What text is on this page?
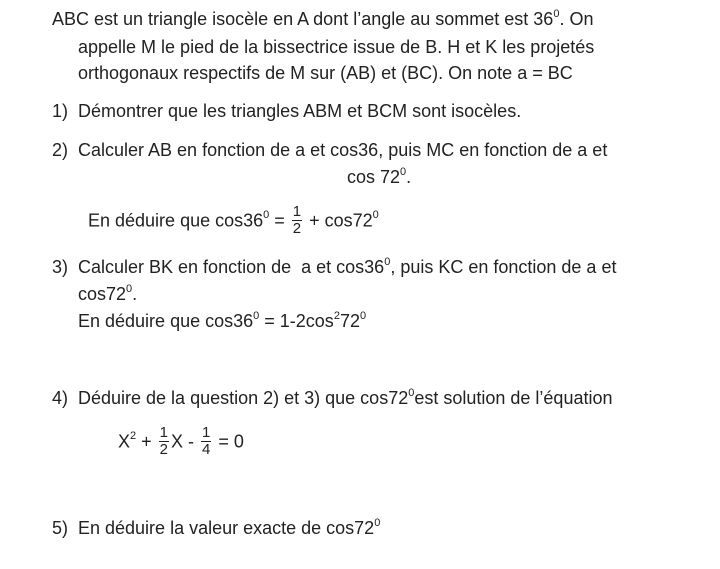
ABC est un triangle isocèle en A dont l’angle au sommet est $36^0$. On
appelle M le pied de la bissectrice issue de B. H et K les projetés
orthogonaux respectifs de M sur (AB) et (BC). On note a = BC
1) Démontrer que les triangles ABM et BCM sont isocèles.
2) Calculer AB en fonction de a et cos36, puis MC en fonction de a et
$\cos 72^0$.
En déduire que $\cos 36^0 = \frac{1}{2} + \cos 72^0$
3) Calculer BK en fonction de  a et $\cos 36^0$, puis KC en fonction de a et
$\cos 72^0$.
En déduire que $\cos 36^0 = 1-2\cos^272^0$
4) Déduire de la question 2) et 3) que $\cos 72^0est$ solution de l’équation
$X^2 + \frac{1}{2}$ $X - \frac{1}{4} = 0$
5) En déduire la valeur exacte de $\cos 72^0$
